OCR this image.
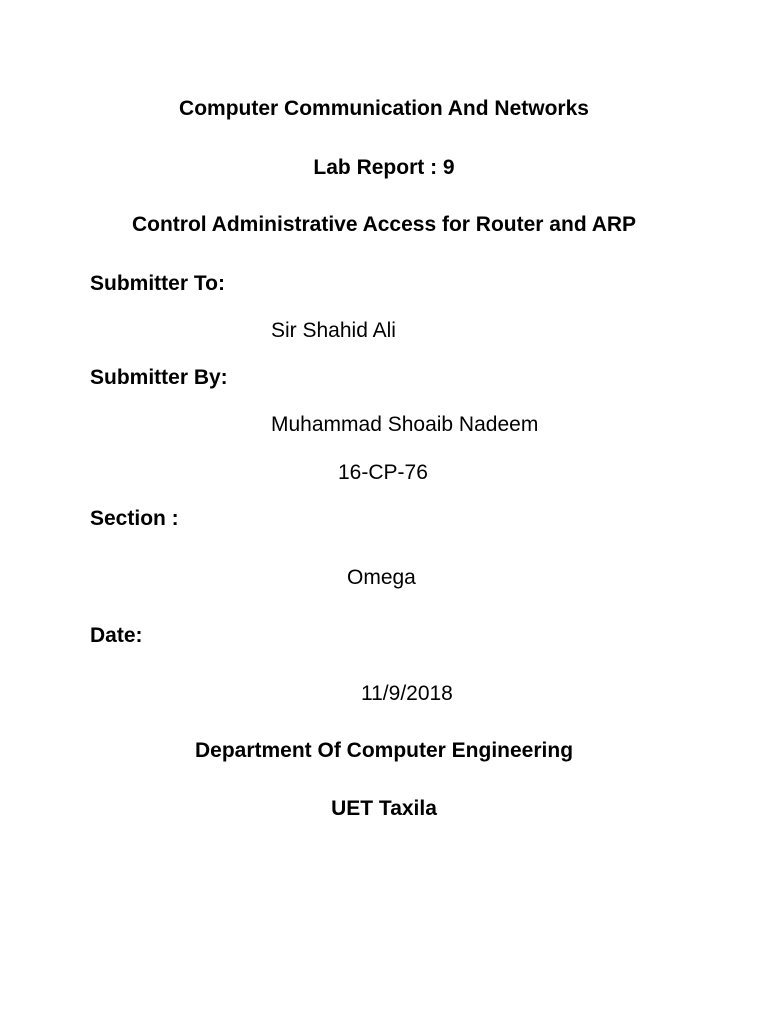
Computer Communication And Networks
Lab Report : 9
Control Administrative Access for Router and ARP
Submitter To:
Sir Shahid Ali
Submitter By:
Muhammad Shoaib Nadeem
16-CP-76
Section :
Omega
Date:
11/9/2018
Department Of Computer Engineering
UET Taxila
